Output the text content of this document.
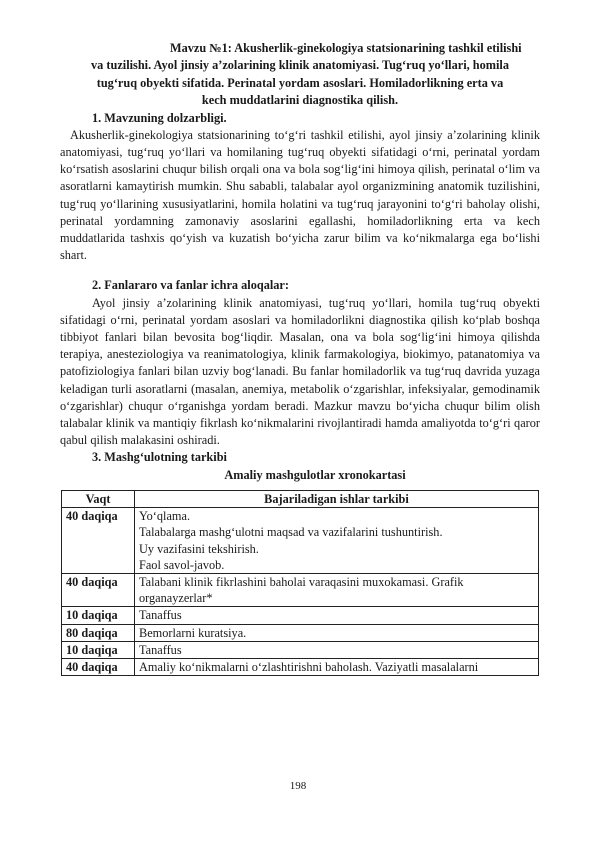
Mavzu №1: Akusherlik-ginekologiya statsionarining tashkil etilishi
va tuzilishi. Ayol jinsiy a’zolarining klinik anatomiyasi. Tug‘ruq yo‘llari, homila
tug‘ruq obyekti sifatida. Perinatal yordam asoslari. Homiladorlikning erta va
kech muddatlarini diagnostika qilish.

1. Mavzuning dolzarbligi.

Akusherlik-ginekologiya statsionarining to‘g‘ri tashkil etilishi, ayol jinsiy a’zolarining klinik anatomiyasi, tug‘ruq yo‘llari va homilaning tug‘ruq obyekti sifatidagi o‘rni, perinatal yordam ko‘rsatish asoslarini chuqur bilish orqali ona va bola sog‘lig‘ini himoya qilish, perinatal o‘lim va asoratlarni kamaytirish mumkin. Shu sababli, talabalar ayol organizmining anatomik tuzilishini, tug‘ruq yo‘llarining xususiyatlarini, homila holatini va tug‘ruq jarayonini to‘g‘ri baholay olishi, perinatal yordamning zamonaviy asoslarini egallashi, homiladorlikning erta va kech muddatlarida tashxis qo‘yish va kuzatish bo‘yicha zarur bilim va ko‘nikmalarga ega bo‘lishi shart.

2. Fanlararo va fanlar ichra aloqalar:

Ayol jinsiy a’zolarining klinik anatomiyasi, tug‘ruq yo‘llari, homila tug‘ruq obyekti sifatidagi o‘rni, perinatal yordam asoslari va homiladorlikni diagnostika qilish ko‘plab boshqa tibbiyot fanlari bilan bevosita bog‘liqdir. Masalan, ona va bola sog‘lig‘ini himoya qilishda terapiya, anesteziologiya va reanimatologiya, klinik farmakologiya, biokimyo, patanatomiya va patofiziologiya fanlari bilan uzviy bog‘lanadi. Bu fanlar homiladorlik va tug‘ruq davrida yuzaga keladigan turli asoratlarni (masalan, anemiya, metabolik o‘zgarishlar, infeksiyalar, gemodinamik o‘zgarishlar) chuqur o‘rganishga yordam beradi. Mazkur mavzu bo‘yicha chuqur bilim olish talabalar klinik va mantiqiy fikrlash ko‘nikmalarini rivojlantiradi hamda amaliyotda to‘g‘ri qaror qabul qilish malakasini oshiradi.

3. Mashg‘ulotning tarkibi

Amaliy mashgulotlar xronokartasi

Vaqt	Bajariladigan ishlar tarkibi
40 daqiqa	Yo‘qlama.
Talabalarga mashg‘ulotni maqsad va vazifalarini tushuntirish.
Uy vazifasini tekshirish.
Faol savol-javob.

40 daqiqa	Talabani klinik fikrlashini baholai varaqasini muxokamasi. Grafik organayzerlar*
10 daqiqa	Tanaffus
80 daqiqa	Bemorlarni kuratsiya.
10 daqiqa	Tanaffus
40 daqiqa	Amaliy ko‘nikmalarni o‘zlashtirishni baholash. Vaziyatli masalalarni
198
